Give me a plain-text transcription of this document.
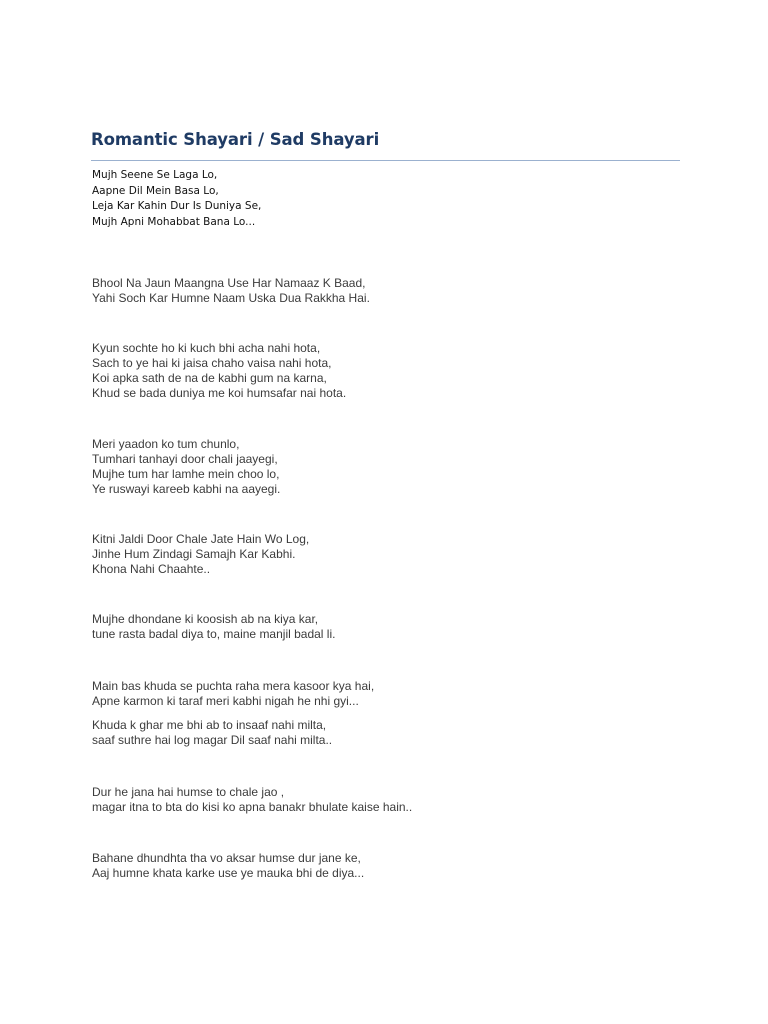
Romantic Shayari / Sad Shayari
Mujh Seene Se Laga Lo,
Aapne Dil Mein Basa Lo,
Leja Kar Kahin Dur Is Duniya Se,
Mujh Apni Mohabbat Bana Lo...
Bhool Na Jaun Maangna Use Har Namaaz K Baad,
Yahi Soch Kar Humne Naam Uska Dua Rakkha Hai.
Kyun sochte ho ki kuch bhi acha nahi hota,
Sach to ye hai ki jaisa chaho vaisa nahi hota,
Koi apka sath de na de kabhi gum na karna,
Khud se bada duniya me koi humsafar nai hota.
Meri yaadon ko tum chunlo,
Tumhari tanhayi door chali jaayegi,
Mujhe tum har lamhe mein choo lo,
Ye ruswayi kareeb kabhi na aayegi.
Kitni Jaldi Door Chale Jate Hain Wo Log,
Jinhe Hum Zindagi Samajh Kar Kabhi.
Khona Nahi Chaahte..
Mujhe dhondane ki koosish ab na kiya kar,
tune rasta badal diya to, maine manjil badal li.
Main bas khuda se puchta raha mera kasoor kya hai,
Apne karmon ki taraf meri kabhi nigah he nhi gyi...
Khuda k ghar me bhi ab to insaaf nahi milta,
saaf suthre hai log magar Dil saaf nahi milta..
Dur he jana hai humse to chale jao ,
magar itna to bta do kisi ko apna banakr bhulate kaise hain..
Bahane dhundhta tha vo aksar humse dur jane ke,
Aaj humne khata karke use ye mauka bhi de diya...
